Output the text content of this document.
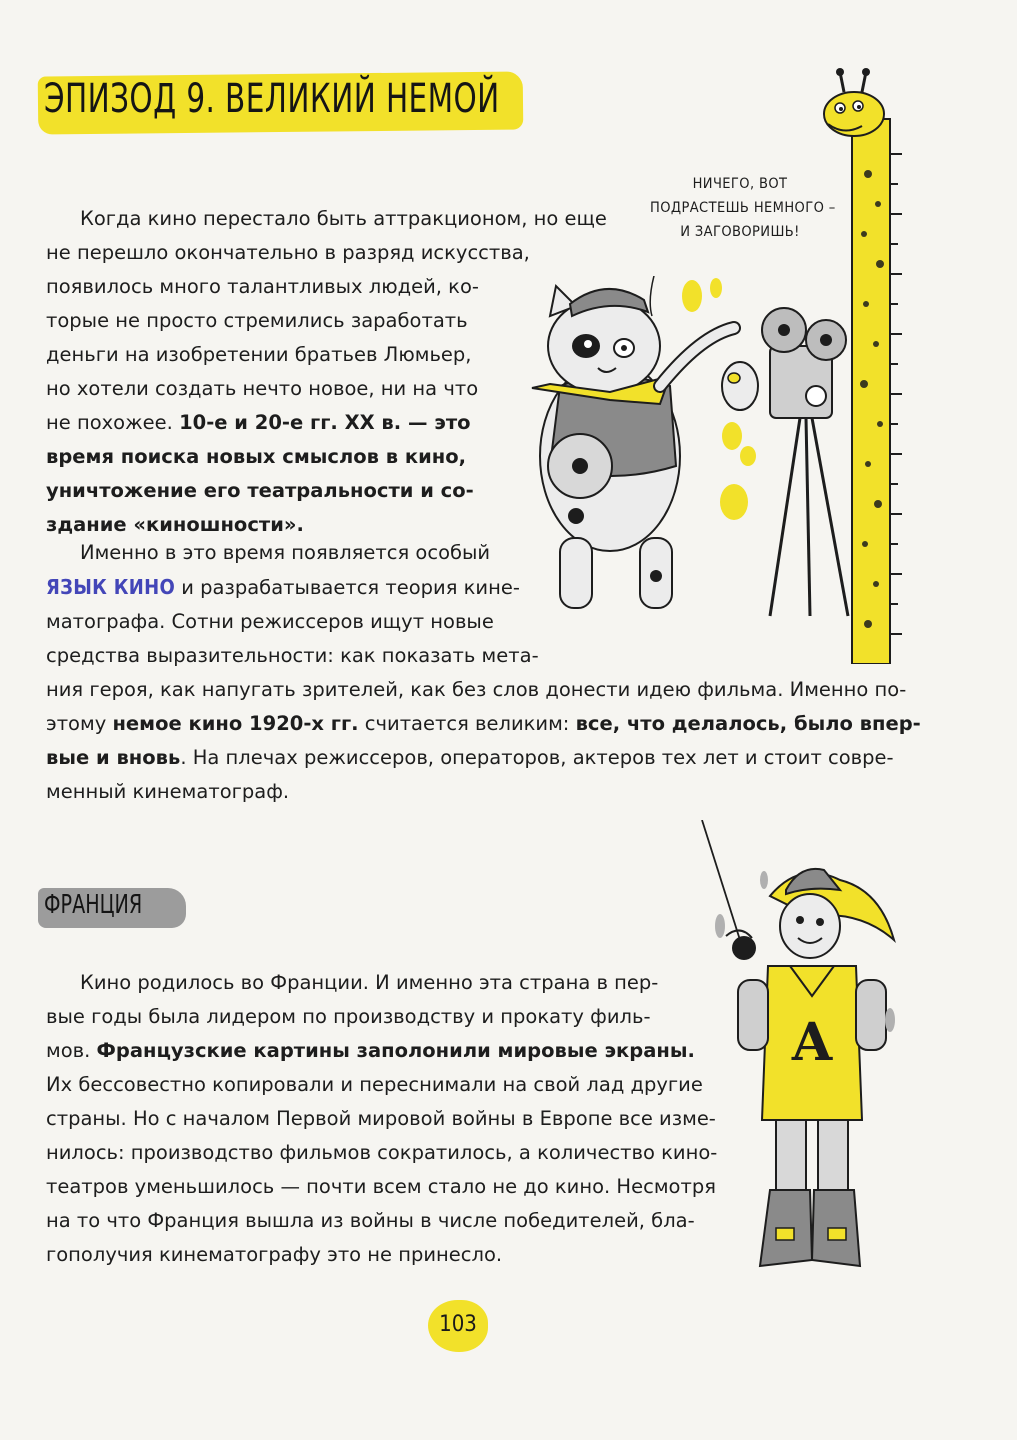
ЭПИЗОД 9. ВЕЛИКИЙ НЕМОЙ
НИЧЕГО, ВОТ
ПОДРАСТЕШЬ НЕМНОГО –
И ЗАГОВОРИШЬ!

Когда кино перестало быть аттракционом, но еще

не перешло окончательно в разряд искусства,

появилось много талантливых людей, ко-

торые не просто стремились заработать

деньги на изобретении братьев Люмьер,

но хотели создать нечто новое, ни на что

не похожее. 10-е и 20-е гг. XX в. — это

время поиска новых смыслов в кино,

уничтожение его театральности и со-

здание «киношности».

Именно в это время появляется особый

ЯЗЫК КИНО и разрабатывается теория кине-

матографа. Сотни режиссеров ищут новые

средства выразительности: как показать мета-

ния героя, как напугать зрителей, как без слов донести идею фильма. Именно по-

этому немое кино 1920-х гг. считается великим: все, что делалось, было впер-

вые и вновь. На плечах режиссеров, операторов, актеров тех лет и стоит совре-

менный кинематограф.

ФРАНЦИЯ

Кино родилось во Франции. И именно эта страна в пер-

вые годы была лидером по производству и прокату филь-

мов. Французские картины заполонили мировые экраны.

Их бессовестно копировали и переснимали на свой лад другие

страны. Но с началом Первой мировой войны в Европе все изме-

нилось: производство фильмов сократилось, а количество кино-

театров уменьшилось — почти всем стало не до кино. Несмотря

на то что Франция вышла из войны в числе победителей, бла-

гополучия кинематографу это не принесло.

A
103
